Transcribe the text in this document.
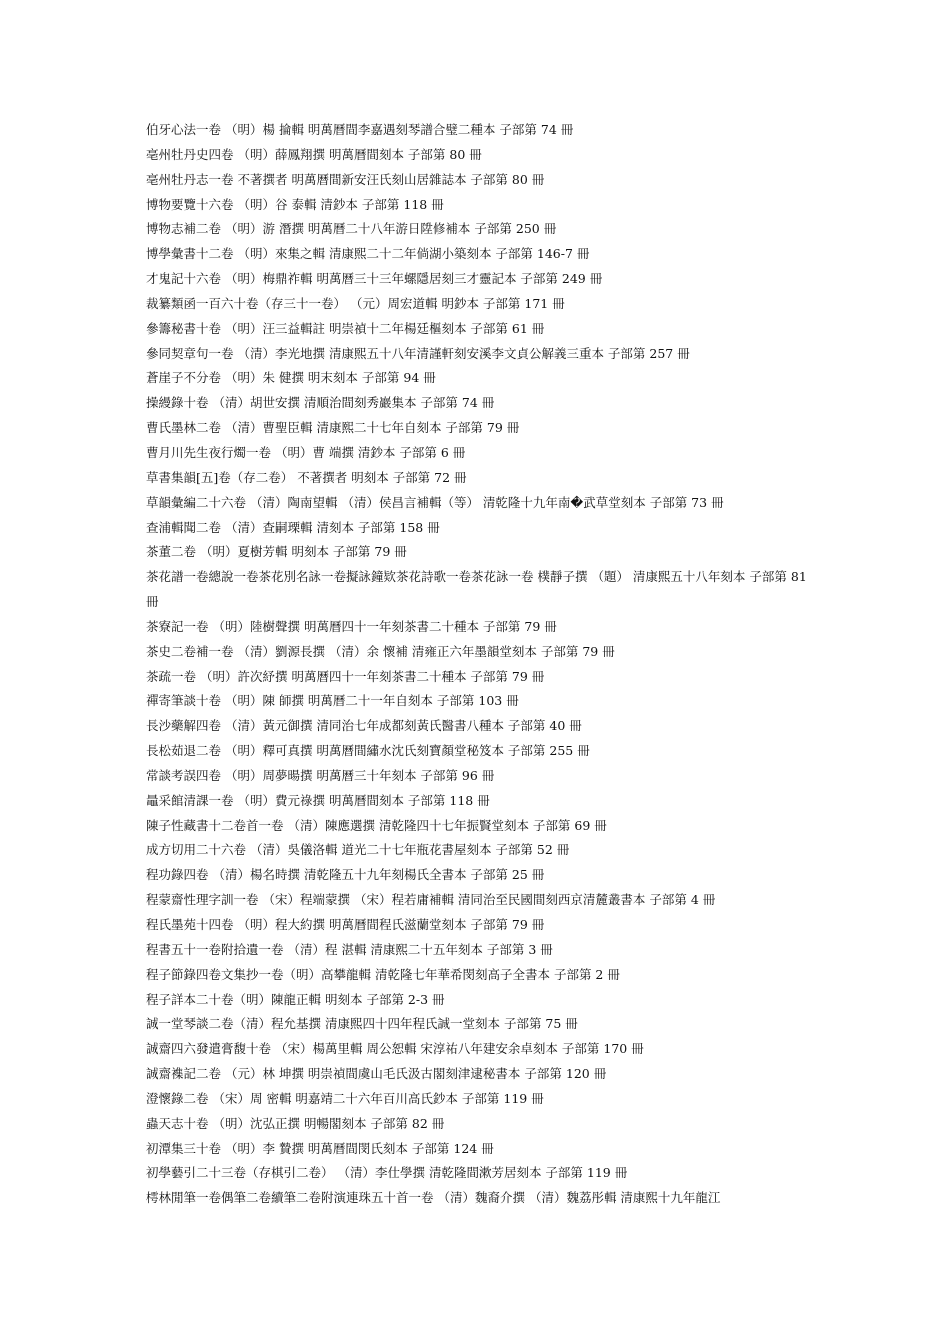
伯牙心法一卷 （明）楊 掄輯 明萬曆間李嘉遇刻琴譜合璧二種本 子部第 74 冊
亳州牡丹史四卷 （明）薛鳳翔撰 明萬曆間刻本 子部第 80 冊
亳州牡丹志一卷 不著撰者 明萬曆間新安汪氏刻山居雜誌本 子部第 80 冊
博物要覽十六卷 （明）谷 泰輯 清鈔本 子部第 118 冊
博物志補二卷 （明）游 潛撰 明萬曆二十八年游日陞修補本 子部第 250 冊
博學彙書十二卷 （明）來集之輯 清康熙二十二年倘湖小築刻本 子部第 146-7 冊
才鬼記十六卷 （明）梅鼎祚輯 明萬曆三十三年螺隱居刻三才靈記本 子部第 249 冊
裁纂類函一百六十卷（存三十一卷） （元）周宏道輯 明鈔本 子部第 171 冊
參籌秘書十卷 （明）汪三益輯註 明崇禎十二年楊廷樞刻本 子部第 61 冊
參同契章句一卷 （清）李光地撰 清康熙五十八年清謹軒刻安溪李文貞公解義三重本 子部第 257 冊
蒼崖子不分卷 （明）朱 健撰 明末刻本 子部第 94 冊
操縵錄十卷 （清）胡世安撰 清順治間刻秀巖集本 子部第 74 冊
曹氏墨林二卷 （清）曹聖臣輯 清康熙二十七年自刻本 子部第 79 冊
曹月川先生夜行燭一卷 （明）曹 端撰 清鈔本 子部第 6 冊
草書集韻[五]卷（存二卷） 不著撰者 明刻本 子部第 72 冊
草韻彙編二十六卷 （清）陶南望輯 （清）侯昌言補輯（等） 清乾隆十九年南�武草堂刻本 子部第 73 冊
查浦輯聞二卷 （清）查嗣瑮輯 清刻本 子部第 158 冊
茶董二卷 （明）夏樹芳輯 明刻本 子部第 79 冊
茶花譜一卷總說一卷茶花別名詠一卷擬詠鐘欵茶花詩歌一卷茶花詠一卷 樸靜子撰 （題） 清康熙五十八年刻本 子部第 81 冊
茶寮記一卷 （明）陸樹聲撰 明萬曆四十一年刻茶書二十種本 子部第 79 冊
茶史二卷補一卷 （清）劉源長撰 （清）余 懷補 清雍正六年墨韻堂刻本 子部第 79 冊
茶疏一卷 （明）許次紓撰 明萬曆四十一年刻茶書二十種本 子部第 79 冊
禪寄筆談十卷 （明）陳 師撰 明萬曆二十一年自刻本 子部第 103 冊
長沙藥解四卷 （清）黃元御撰 清同治七年成都刻黃氏醫書八種本 子部第 40 冊
長松茹退二卷 （明）釋可真撰 明萬曆間繡水沈氏刻寶顏堂秘笈本 子部第 255 冊
常談考誤四卷 （明）周夢暘撰 明萬曆三十年刻本 子部第 96 冊
鼂采館清課一卷 （明）費元祿撰 明萬曆間刻本 子部第 118 冊
陳子性藏書十二卷首一卷 （清）陳應選撰 清乾隆四十七年振賢堂刻本 子部第 69 冊
成方切用二十六卷 （清）吳儀洛輯 道光二十七年瓶花書屋刻本 子部第 52 冊
程功錄四卷 （清）楊名時撰 清乾隆五十九年刻楊氏全書本 子部第 25 冊
程蒙齋性理字訓一卷 （宋）程端蒙撰 （宋）程若庸補輯 清同治至民國間刻西京清麓叢書本 子部第 4 冊
程氏墨苑十四卷 （明）程大約撰 明萬曆間程氏滋蘭堂刻本 子部第 79 冊
程書五十一卷附拾遺一卷 （清）程 湛輯 清康熙二十五年刻本 子部第 3 冊
程子節錄四卷文集抄一卷（明）高攀龍輯 清乾隆七年華希閔刻高子全書本 子部第 2 冊
程子詳本二十卷（明）陳龍正輯 明刻本 子部第 2-3 冊
誠一堂琴談二卷（清）程允基撰 清康熙四十四年程氏誠一堂刻本 子部第 75 冊
誠齋四六發遣膏馥十卷 （宋）楊萬里輯 周公恕輯 宋淳祐八年建安余卓刻本 子部第 170 冊
誠齋襍記二卷 （元）林 坤撰 明崇禎間虞山毛氏汲古閣刻津逮秘書本 子部第 120 冊
澄懷錄二卷 （宋）周 密輯 明嘉靖二十六年百川高氏鈔本 子部第 119 冊
蟲天志十卷 （明）沈弘正撰 明暢閣刻本 子部第 82 冊
初潭集三十卷 （明）李 贄撰 明萬曆間閔氏刻本 子部第 124 冊
初學藝引二十三卷（存棋引二卷） （清）李仕學撰 清乾隆間漱芳居刻本 子部第 119 冊
樗林閒筆一卷偶筆二卷續筆二卷附演連珠五十首一卷 （清）魏裔介撰 （清）魏荔彤輯 清康熙十九年龍江
